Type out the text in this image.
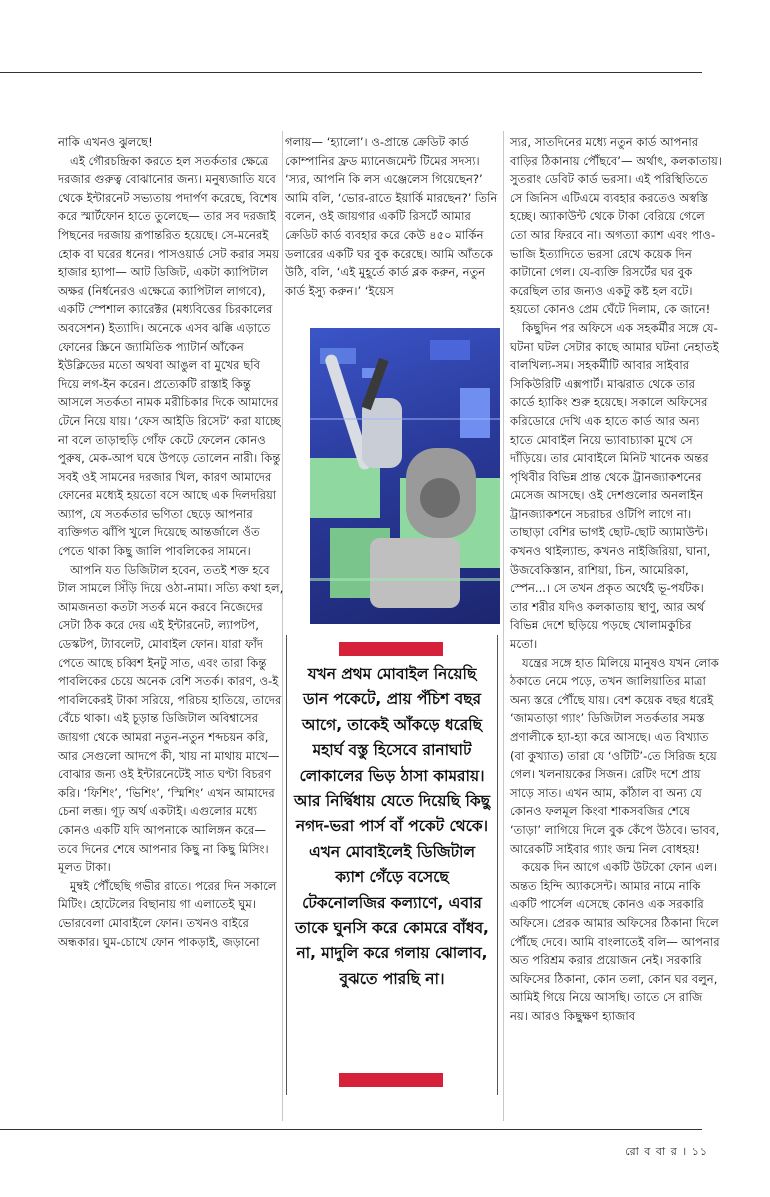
নাকি এখনও ঝুলছে!

এই গৌরচন্দ্রিকা করতে হল সতর্কতার ক্ষেত্রে দরজার গুরুত্ব বোঝানোর জন্য। মনুষ্যজাতি যবে থেকে ইন্টারনেট সভ্যতায় পদার্পণ করেছে, বিশেষ করে স্মার্টফোন হাতে তুলেছে— তার সব দরজাই পিছনের দরজায় রূপান্তরিত হয়েছে। সে-মনেরই হোক বা ঘরের ধনের। পাসওয়ার্ড সেট করার সময় হাজার হ্যাপা— আট ডিজিট, একটা ক্যাপিটাল অক্ষর (নির্ধনেরও এক্ষেত্রে ক্যাপিটাল লাগবে), একটি স্পেশাল ক্যারেক্টর (মধ্যবিত্তের চিরকালের অবসেশন) ইত্যাদি। অনেকে এসব ঝক্কি এড়াতে ফোনের স্ক্রিনে জ্যামিতিক প্যাটার্ন আঁকেন ইউক্লিডের মতো অথবা আঙুল বা মুখের ছবি দিয়ে লগ-ইন করেন। প্রত্যেকটি রাস্তাই কিন্তু আসলে সতর্কতা নামক মরীচিকার দিকে আমাদের টেনে নিয়ে যায়। ‘ফেস আইডি রিসেট’ করা যাচ্ছে না বলে তাড়াহুড়ি গোঁফ কেটে ফেলেন কোনও পুরুষ, মেক-আপ ঘষে উপড়ে তোলেন নারী। কিন্তু সবই ওই সামনের দরজার খিল, কারণ আমাদের ফোনের মধ্যেই হয়তো বসে আছে এক দিলদরিয়া অ্যাপ, যে সতর্কতার ভণিতা ছেড়ে আপনার ব্যক্তিগত ঝাঁপি খুলে দিয়েছে আন্তর্জালে ওঁত পেতে থাকা কিছু জালি পাবলিকের সামনে।

আপনি যত ডিজিটাল হবেন, ততই শক্ত হবে টাল সামলে সিঁড়ি দিয়ে ওঠা-নামা। সত্যি কথা হল, আমজনতা কতটা সতর্ক মনে করবে নিজেদের সেটা ঠিক করে দেয় এই ইন্টারনেট, ল্যাপটপ, ডেস্কটপ, ট্যাবলেট, মোবাইল ফোন। যারা ফাঁদ পেতে আছে চব্বিশ ইনটু সাত, এবং তারা কিন্তু পাবলিকের চেয়ে অনেক বেশি সতর্ক। কারণ, ও-ই পাবলিকেরই টাকা সরিয়ে, পরিচয় হাতিয়ে, তাদের বেঁচে থাকা। এই চূড়ান্ত ডিজিটাল অবিশ্বাসের জায়গা থেকে আমরা নতুন-নতুন শব্দচয়ন করি, আর সেগুলো আদপে কী, খায় না মাথায় মাখে— বোঝার জন্য ওই ইন্টারনেটেই সাত ঘণ্টা বিচরণ করি। ‘ফিশিং’, ‘ভিশিং’, ‘স্মিশিং’ এখন আমাদের চেনা লব্জ। গূঢ় অর্থ একটাই। এগুলোর মধ্যে কোনও একটি যদি আপনাকে আলিঙ্গন করে— তবে দিনের শেষে আপনার কিছু না কিছু মিসিং। মূলত টাকা।

মুম্বই পৌঁছেছি গভীর রাতে। পরের দিন সকালে মিটিং। হোটেলের বিছানায় গা এলাতেই ঘুম। ভোরবেলা মোবাইলে ফোন। তখনও বাইরে অন্ধকার। ঘুম-চোখে ফোন পাকড়াই, জড়ানো

গলায়— ‘হ্যালো’। ও-প্রান্তে ক্রেডিট কার্ড কোম্পানির ফ্রড ম্যানেজমেন্ট টিমের সদস্য। ‘স্যর, আপনি কি লস এঞ্জেলেস গিয়েছেন?’ আমি বলি, ‘ভোর-রাতে ইয়ার্কি মারছেন?’ তিনি বলেন, ওই জায়গার একটি রিসর্টে আমার ক্রেডিট কার্ড ব্যবহার করে কেউ ৪৫০ মার্কিন ডলারের একটি ঘর বুক করেছে। আমি আঁতকে উঠি, বলি, ‘এই মুহূর্তে কার্ড ব্লক করুন, নতুন কার্ড ইস্যু করুন।’ ‘ইয়েস

যখন প্রথম মোবাইল নিয়েছি ডান পকেটে, প্রায় পঁচিশ বছর আগে, তাকেই আঁকড়ে ধরেছি মহার্ঘ বস্তু হিসেবে রানাঘাট লোকালের ভিড় ঠাসা কামরায়। আর নির্দ্বিধায় যেতে দিয়েছি কিছু নগদ-ভরা পার্স বাঁ পকেট থেকে। এখন মোবাইলেই ডিজিটাল ক্যাশ গেঁড়ে বসেছে টেকনোলজির কল্যাণে, এবার তাকে ঘুনসি করে কোমরে বাঁধব, না, মাদুলি করে গলায় ঝোলাব, বুঝতে পারছি না।

স্যর, সাতদিনের মধ্যে নতুন কার্ড আপনার বাড়ির ঠিকানায় পৌঁছবে’— অর্থাৎ, কলকাতায়। সুতরাং ডেবিট কার্ড ভরসা। এই পরিস্থিতিতে সে জিনিস এটিএমে ব্যবহার করতেও অস্বস্তি হচ্ছে। অ্যাকাউন্ট থেকে টাকা বেরিয়ে গেলে তো আর ফিরবে না। অগত্যা ক্যাশ এবং পাও-ভাজি ইত্যাদিতে ভরসা রেখে কয়েক দিন কাটানো গেল। যে-ব্যক্তি রিসর্টের ঘর বুক করেছিল তার জন্যও একটু কষ্ট হল বটে। হয়তো কোনও প্রেম ঘেঁটে দিলাম, কে জানে!

কিছুদিন পর অফিসে এক সহকর্মীর সঙ্গে যে-ঘটনা ঘটল সেটার কাছে আমার ঘটনা নেহাতই বালখিল্য-সম। সহকর্মীটি আবার সাইবার সিকিউরিটি এক্সপার্ট। মাঝরাত থেকে তার কার্ডে হ্যাকিং শুরু হয়েছে। সকালে অফিসের করিডোরে দেখি এক হাতে কার্ড আর অন্য হাতে মোবাইল নিয়ে ভ্যাবাচ্যাকা মুখে সে দাঁড়িয়ে। তার মোবাইলে মিনিট খানেক অন্তর পৃথিবীর বিভিন্ন প্রান্ত থেকে ট্রানজ্যাকশনের মেসেজ আসছে। ওই দেশগুলোর অনলাইন ট্রানজ্যাকশনে সচরাচর ওটিপি লাগে না। তাছাড়া বেশির ভাগই ছোট-ছোট অ্যামাউন্ট। কখনও থাইল্যান্ড, কখনও নাইজিরিয়া, ঘানা, উজবেকিস্তান, রাশিয়া, চিন, আমেরিকা, স্পেন...। সে তখন প্রকৃত অর্থেই ভূ-পর্যটক। তার শরীর যদিও কলকাতায় স্থাণু, আর অর্থ বিভিন্ন দেশে ছড়িয়ে পড়ছে খোলামকুচির মতো।

যন্ত্রের সঙ্গে হাত মিলিয়ে মানুষও যখন লোক ঠকাতে নেমে পড়ে, তখন জালিয়াতির মাত্রা অন্য স্তরে পৌঁছে যায়। বেশ কয়েক বছর ধরেই ‘জামতাড়া গ্যাং’ ডিজিটাল সতর্কতার সমস্ত প্রণালীকে হ্যা-হ্যা করে আসছে। এত বিখ্যাত (বা কুখ্যাত) তারা যে ‘ওটিটি’-তে সিরিজ হয়ে গেল। খলনায়কের সিজন। রেটিং দশে প্রায় সাড়ে সাত। এখন আম, কাঁঠাল বা অন্য যে কোনও ফলমূল কিংবা শাকসবজির শেষে ‘তাড়া’ লাগিয়ে দিলে বুক কেঁপে উঠবে। ভাবব, আরেকটি সাইবার গ্যাং জন্ম নিল বোধহয়!

কয়েক দিন আগে একটি উটকো ফোন এল। অন্তত হিন্দি অ্যাকসেন্ট। আমার নামে নাকি একটি পার্সেল এসেছে কোনও এক সরকারি অফিসে। প্রেরক আমার অফিসের ঠিকানা দিলে পৌঁছে দেবে। আমি বাংলাতেই বলি— আপনার অত পরিশ্রম করার প্রয়োজন নেই। সরকারি অফিসের ঠিকানা, কোন তলা, কোন ঘর বলুন, আমিই গিয়ে নিয়ে আসছি। তাতে সে রাজি নয়। আরও কিছুক্ষণ হ্যাজাব

রো ব বা র । ১১
